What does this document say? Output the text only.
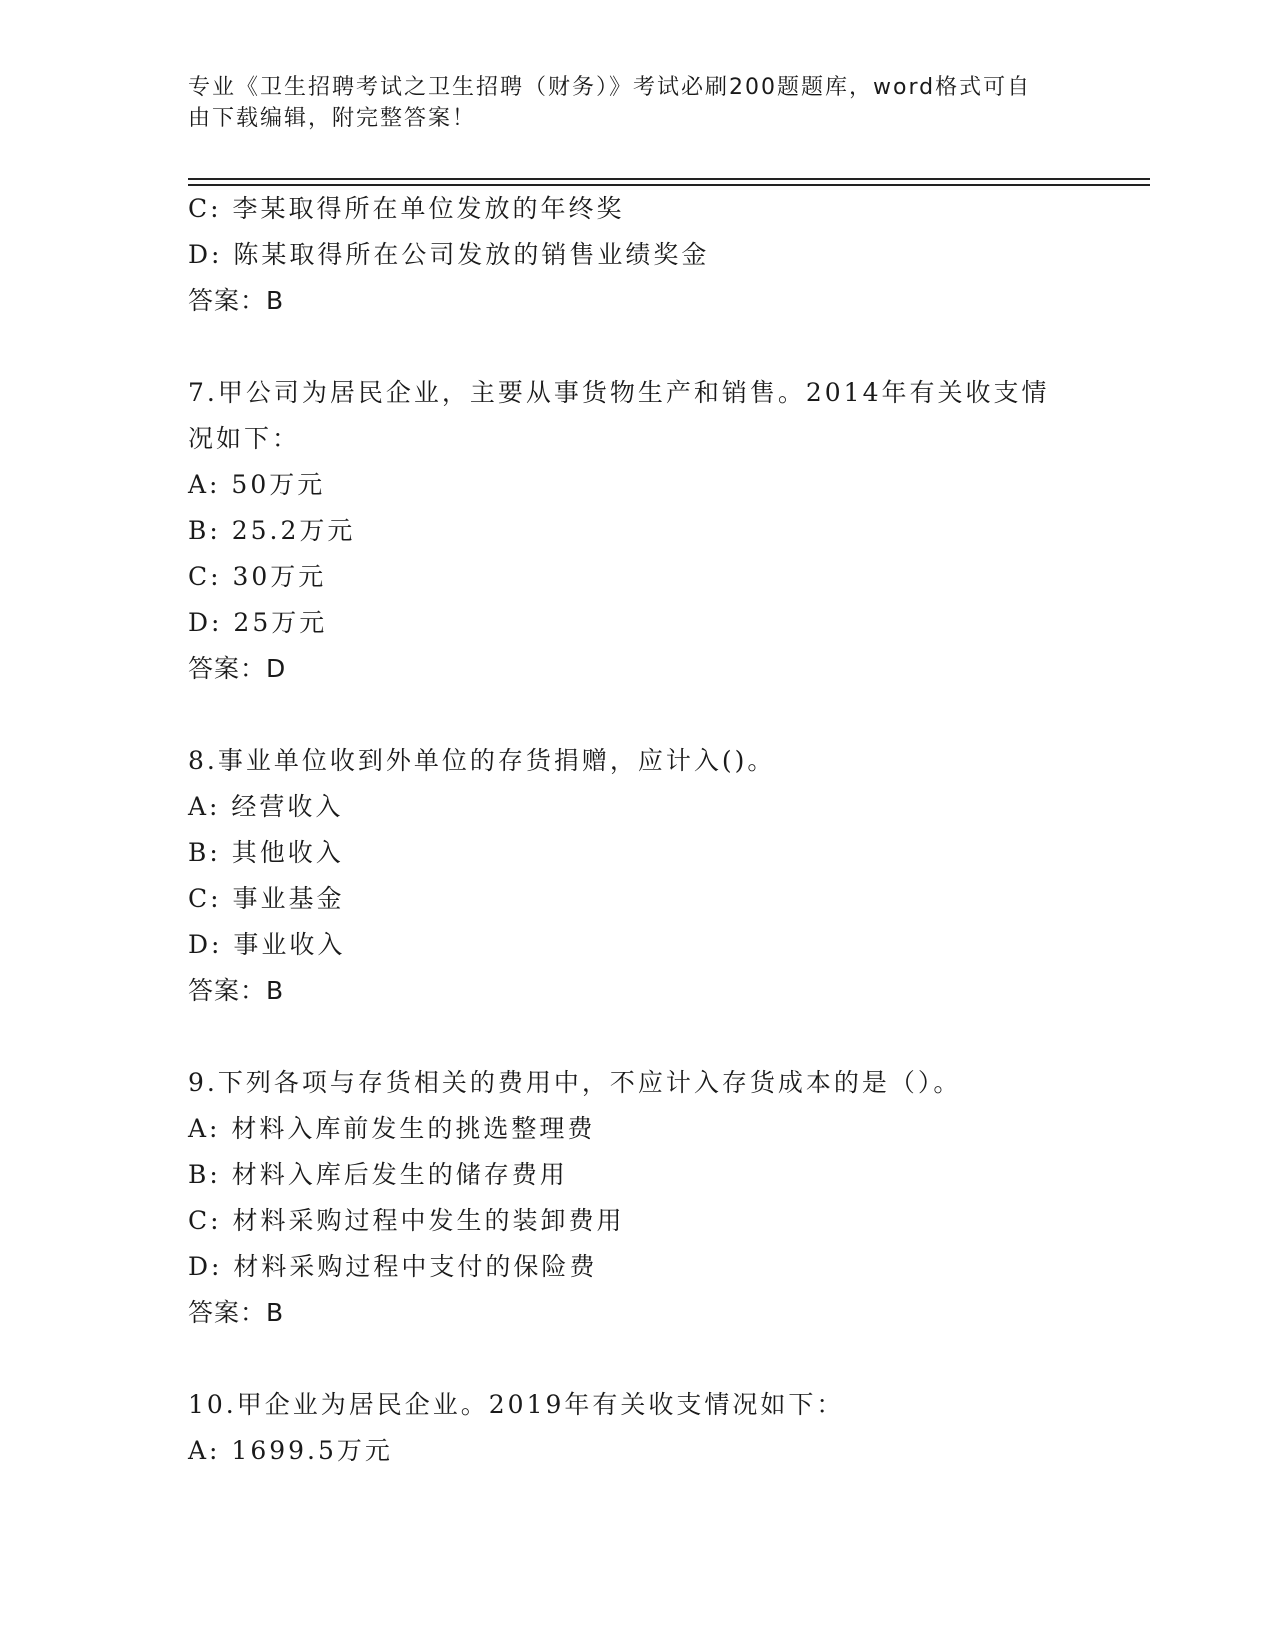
专业《卫生招聘考试之卫生招聘（财务）》考试必刷200题题库，word格式可自
由下载编辑，附完整答案！
C: 李某取得所在单位发放的年终奖
D: 陈某取得所在公司发放的销售业绩奖金
答案：B
7.甲公司为居民企业，主要从事货物生产和销售。2014年有关收支情
况如下：
A: 50万元
B: 25.2万元
C: 30万元
D: 25万元
答案：D
8.事业单位收到外单位的存货捐赠，应计入()。
A: 经营收入
B: 其他收入
C: 事业基金
D: 事业收入
答案：B
9.下列各项与存货相关的费用中，不应计入存货成本的是（）。
A: 材料入库前发生的挑选整理费
B: 材料入库后发生的储存费用
C: 材料采购过程中发生的装卸费用
D: 材料采购过程中支付的保险费
答案：B
10.甲企业为居民企业。2019年有关收支情况如下：
A: 1699.5万元
